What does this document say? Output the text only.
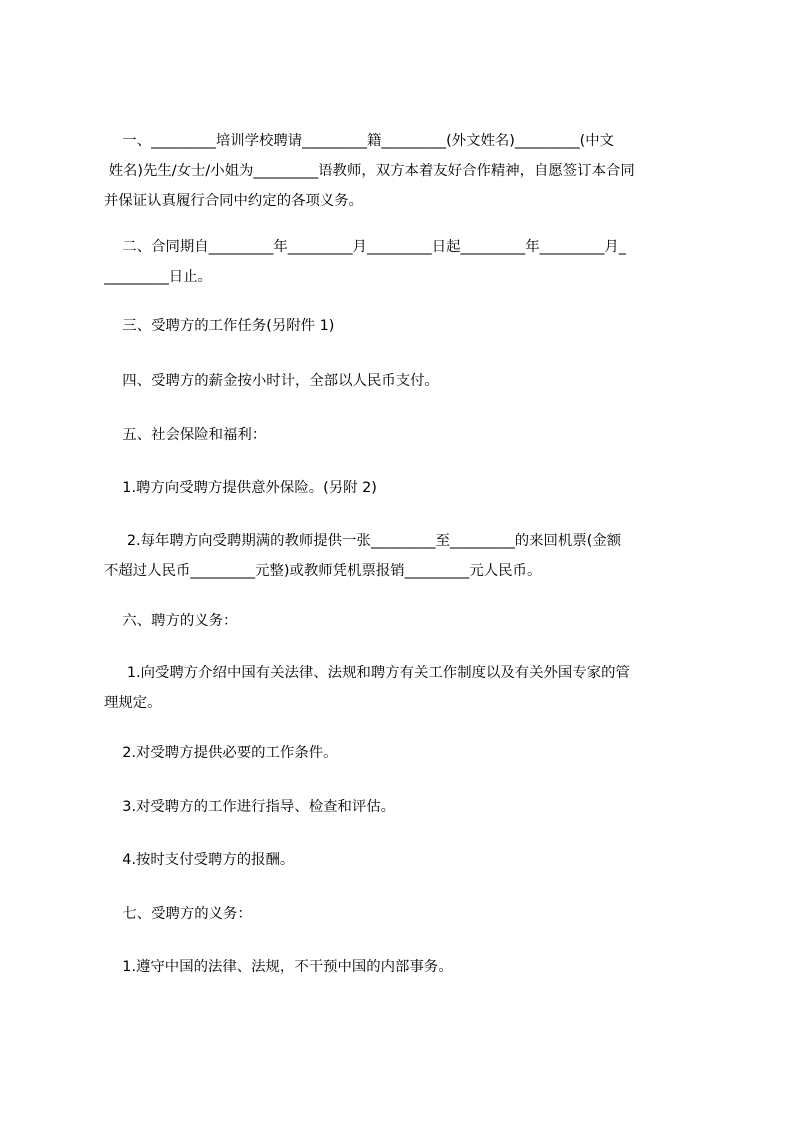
一、_________培训学校聘请_________籍_________(外文姓名)_________(中文
姓名)先生/女士/小姐为_________语教师，双方本着友好合作精神，自愿签订本合同
并保证认真履行合同中约定的各项义务。

二、合同期自_________年_________月_________日起_________年_________月_
_________日止。

三、受聘方的工作任务(另附件 1)

四、受聘方的薪金按小时计，全部以人民币支付。

五、社会保险和福利：

1.聘方向受聘方提供意外保险。(另附 2)

2.每年聘方向受聘期满的教师提供一张_________至_________的来回机票(金额
不超过人民币_________元整)或教师凭机票报销_________元人民币。

六、聘方的义务：

1.向受聘方介绍中国有关法律、法规和聘方有关工作制度以及有关外国专家的管
理规定。

2.对受聘方提供必要的工作条件。

3.对受聘方的工作进行指导、检查和评估。

4.按时支付受聘方的报酬。

七、受聘方的义务：

1.遵守中国的法律、法规，不干预中国的内部事务。
